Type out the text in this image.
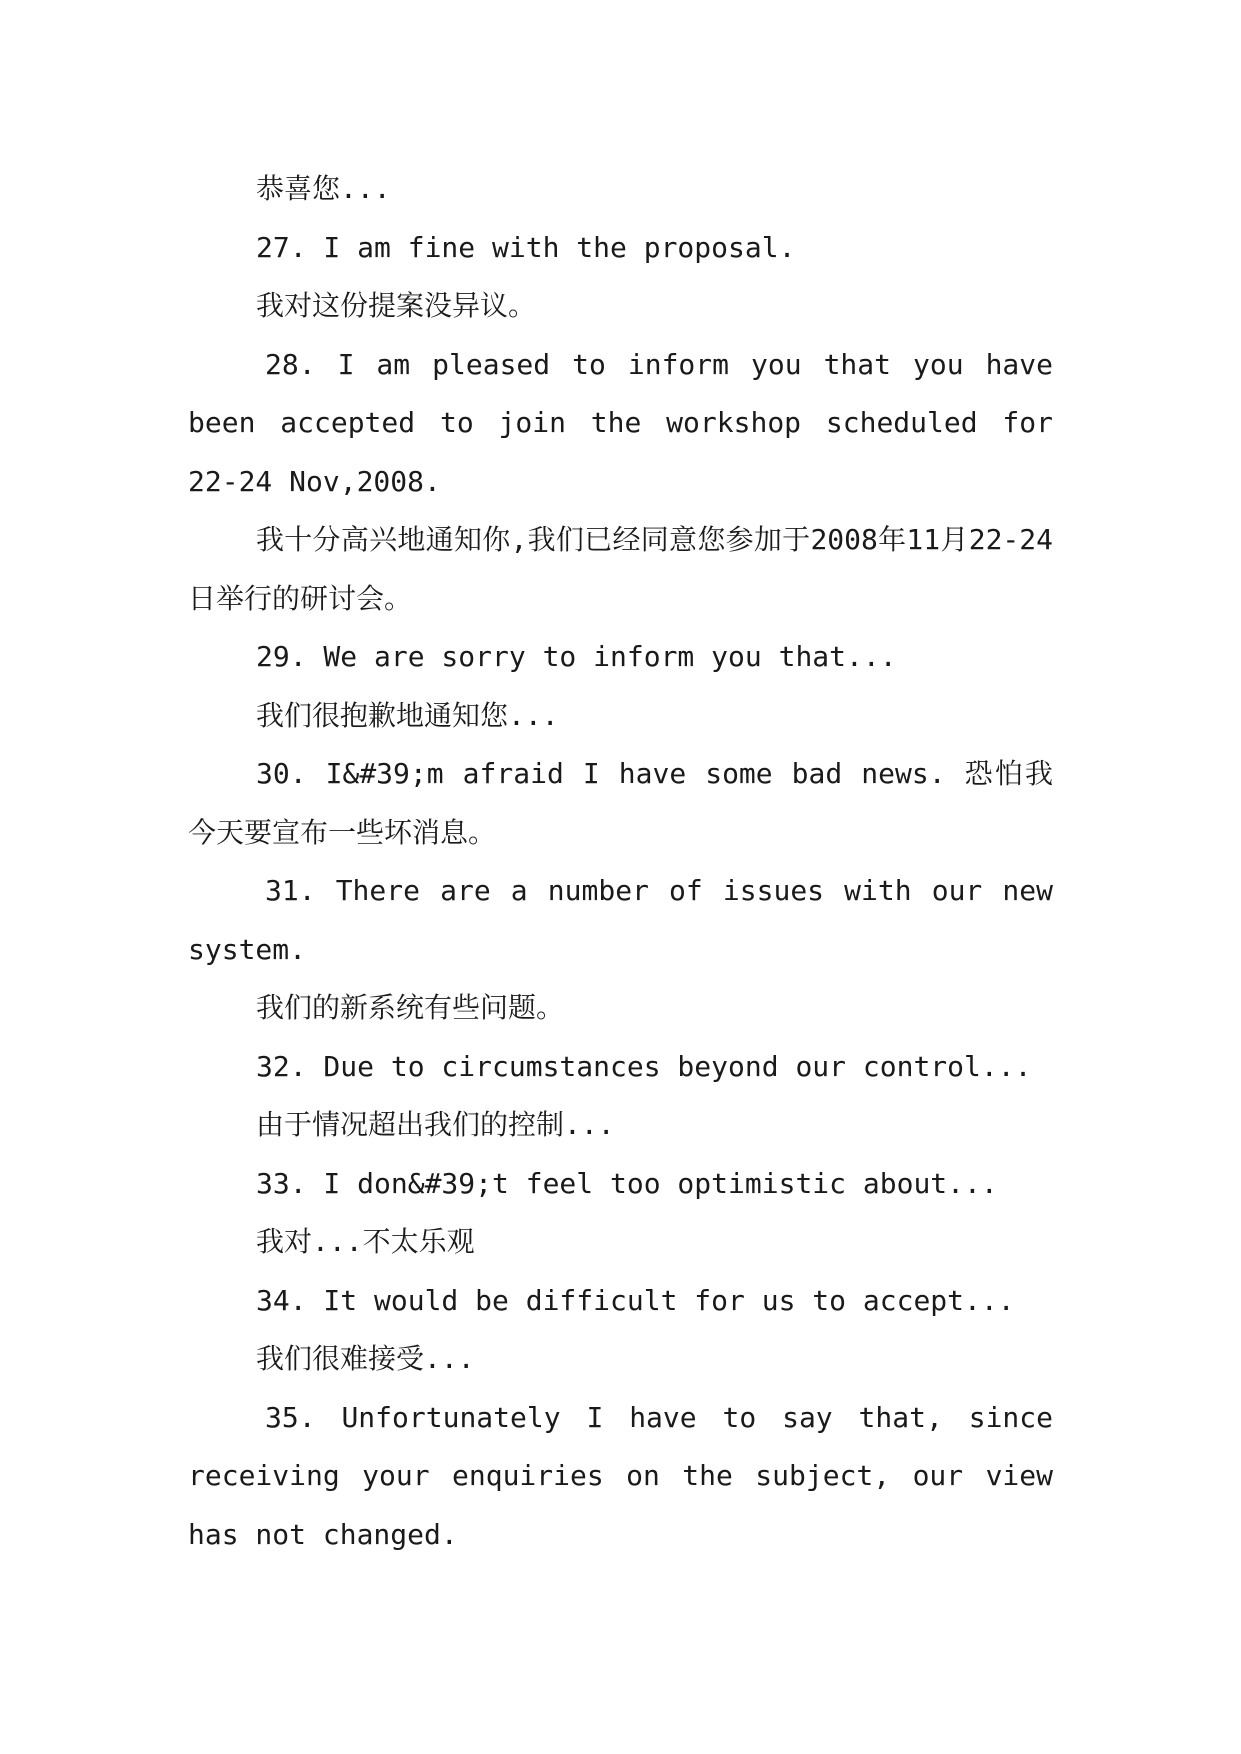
恭喜您...

27. I am fine with the proposal.

我对这份提案没异议。

28. I am pleased to inform you that you have been accepted to join the workshop scheduled for 22-24 Nov,2008.

我十分高兴地通知你,我们已经同意您参加于2008年11月22-24日举行的研讨会。

29. We are sorry to inform you that...

我们很抱歉地通知您...

30. I&#39;m afraid I have some bad news. 恐怕我今天要宣布一些坏消息。

31. There are a number of issues with our new system.

我们的新系统有些问题。

32. Due to circumstances beyond our control...

由于情况超出我们的控制...

33. I don&#39;t feel too optimistic about...

我对...不太乐观

34. It would be difficult for us to accept...

我们很难接受...

35. Unfortunately I have to say that, since receiving your enquiries on the subject, our view has not changed.
